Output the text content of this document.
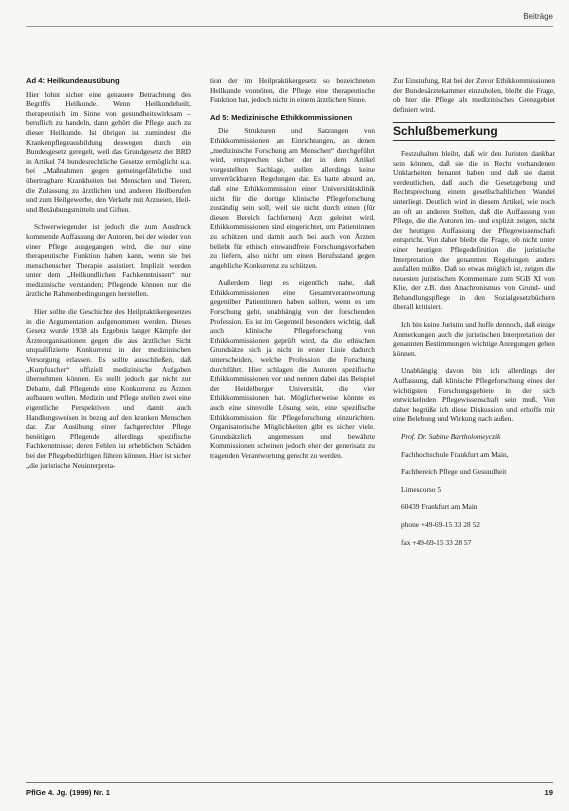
Beiträge
Ad 4: Heilkundeausübung

Hier lohnt sicher eine genauere Betrachtung des Begriffs Heilkunde. Wenn Heilkundeheilt, therapeutisch im Sinne von gesundheitswirksam – beruflich zu handeln, dann gehört die Pflege auch zu dieser Heilkunde. Ist übrigen ist zumindest die Krankenpflegeausbildung deswegen durch ein Bundesgesetz geregelt, weil das Grundgesetz der BRD in Artikel 74 bundesrechtliche Gesetze ermöglicht u.a. bei „Maßnahmen gegen gemeingefährliche und übertragbare Krankheiten bei Menschen und Tieren, die Zulassung zu ärztlichen und anderen Heilberufen und zum Heilgewerbe, den Verkehr mit Arzneien, Heil- und Betäubungsmitteln und Giften.

Schwerwiegender ist jedoch die zum Ausdruck kommende Auffassung der Autoren, bei der wieder von einer Pflege ausgegangen wird, die nur eine therapeutische Funktion haben kann, wenn sie bei menschenscher Therapie assistiert. Implizit werden unter dem „Heilkundlichen Fachkenntnissen“ nur medizinische verstanden; Pflegende können nur die ärztliche Rahmenbedingungen herstellen.

Hier sollte die Geschichte des Heilpraktikergesetzes in die Argumentation aufgenommen werden. Dieses Gesetz wurde 1938 als Ergebnis langer Kämpfe der Ärzteorganisationen gegen die aus ärztlicher Sicht unqualifizierte Konkurrenz in der medizinischen Versorgung erlassen. Es sollte ausschließen, daß „Kurpfuscher“ offiziell medizinische Aufgaben übernehmen können. Es stellt jedoch gar nicht zur Debatte, daß Pflegende eine Konkurrenz zu Ärzten aufbauen wollen. Medizin und Pflege stellen zwei eine eigentliche Perspektiven und damit auch Handlungsweisen in bezug auf den kranken Menschen dar. Zur Ausübung einer fachgerechter Pflege benötigen Pflegende allerdings spezifische Fachkenntnisse; deren Fehlen ist erheblichen Schäden bei der Pflegebedürftigen führen können. Hier ist sicher „die juristische Neuinterpreta-

tion der im Heilpraktikergesetz so bezeichneten Heilkunde vonnöten, die Pflege eine therapeutische Funktion hat, jedoch nicht in einem ärztlichen Sinne.

Ad 5: Medizinische Ethikkommissionen

Die Strukturen und Satzungen von Ethikkommissionen an Einrichtungen, an denen „medizinische Forschung am Menschen“ durchgeführt wird, entsprechen sicher der in dem Artikel vorgestellten Sachlage, stellen allerdings keine unverrückbaren Regelungen dar. Es hatte absurd an, daß eine Ethikkommission einer Universitätsklinik nicht für die dortige klinische Pflegeforschung zuständig sein soll, weil sie nicht durch einen (für diesen Bereich fachfernen) Arzt geleitet wird. Ethikkommissionen sind eingerichtet, um Patientinnen zu schützen und damit auch bei auch von Ärzten beliebt für ethisch einwandfreie Forschungsvorhaben zu liefern, also nicht um einen Berufsstand gegen angebliche Konkurrenz zu schützen.

Außerdem liegt es eigentlich nahe, daß Ethikkommissionen eine Gesamtverantwortung gegenüber Patientinnen haben sollten, wenn es um Forschung geht, unabhängig von der forschenden Profession. Es ist im Gegenteil besonders wichtig, daß auch klinische Pflegeforschung von Ethikkommissionen geprüft wird, da die ethischen Grundsätze sich ja nicht in erster Linie dadurch unterscheiden, welche Profession die Forschung durchführt. Hier schlagen die Autoren spezifische Ethikkommissionen vor und nennen dabei das Beispiel der Heidelberger Universität, die vier Ethikkommissionen hat. Möglicherweise könnte es auch eine sinnvolle Lösung sein, eine spezifische Ethikkommission für Pflegeforschung einzurichten. Organisatorische Möglichkeiten gibt es sicher viele. Grundsätzlich angemessen und bewährte Kommissionen scheinen jedoch eher der generisatz zu tragenden Verantwortung gerecht zu werden.

Zur Einstufung, Rat bei der Zuvor Ethikkommissionen der Bundesärztekammer einzuholen, bleibt die Frage, ob hier die Pflege als medizinisches Grenzgebiet definiert wird.

Schlußbemerkung

Festzuhalten bleibt, daß wir den Juristen dankbar sein können, daß sie die in Recht vorhandenen Unklarheiten benannt haben und daß sie damit verdeutlichen, daß auch die Gesetzgebung und Rechtsprechung einem gesellschaftlichen Wandel unterliegt. Deutlich wird in diesem Artikel, wie noch an oft an anderen Stellen, daß die Auffassung von Pflege, die die Autoren im- und explizit zeigen, nicht der heutigen Auffassung der Pflegewissenschaft entspricht. Von daher bleibt die Frage, ob nicht unter einer heutigen Pflegedefinition die juristische Interpretation der genannten Regelungen anders ausfallen müßte. Daß so etwas möglich ist, zeigen die neuesten juristischen Kommentare zum SGB XI von Klie, der z.B. den Anachronismus von Grund- und Behandlungspflege in den Sozialgesetzbüchern überall kritisiert.

Ich bin keine Juristin und hoffe dennoch, daß einige Anmerkungen auch die juristischen Interpretation der genannten Bestimmungen wichtige Anregungen geben können.

Unabhängig davon bin ich allerdings der Auffassung, daß klinische Pflegeforschung eines der wichtigsten Forschungsgebiete in der sich entwickelnden Pflegewissenschaft sein muß. Von daher begrüße ich diese Diskussion und erhoffe mir eine Belebung und Wirkung nach außen.

Prof. Dr. Sabine Bartholomeyczik

Fachhochschule Frankfurt am Main,

Fachbereich Pflege und Gesundheit

Limescorso 5

60439 Frankfurt am Main

phone +49-69-15 33 28 52

fax +49-69-15 33 28 57

PflGe 4. Jg. (1999) Nr. 1	19
